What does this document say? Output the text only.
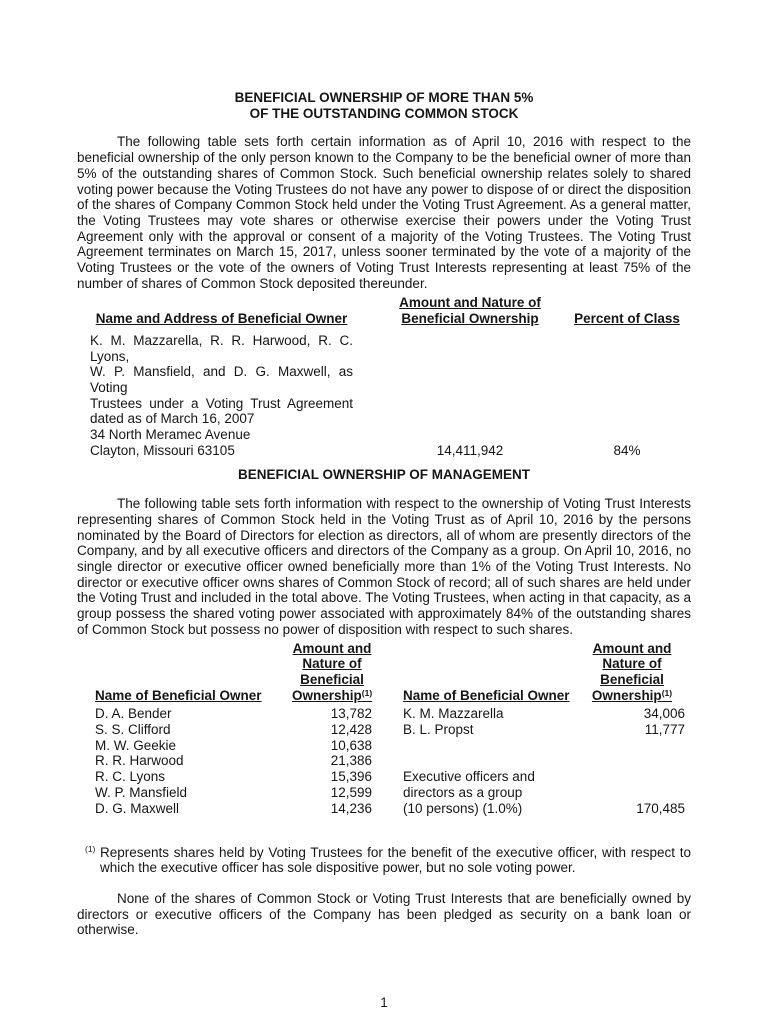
BENEFICIAL OWNERSHIP OF MORE THAN 5%
OF THE OUTSTANDING COMMON STOCK

The following table sets forth certain information as of April 10, 2016 with respect to the beneficial ownership of the only person known to the Company to be the beneficial owner of more than 5% of the outstanding shares of Common Stock. Such beneficial ownership relates solely to shared voting power because the Voting Trustees do not have any power to dispose of or direct the disposition of the shares of Company Common Stock held under the Voting Trust Agreement. As a general matter, the Voting Trustees may vote shares or otherwise exercise their powers under the Voting Trust Agreement only with the approval or consent of a majority of the Voting Trustees. The Voting Trust Agreement terminates on March 15, 2017, unless sooner terminated by the vote of a majority of the Voting Trustees or the vote of the owners of Voting Trust Interests representing at least 75% of the number of shares of Common Stock deposited thereunder.

Name and Address of Beneficial Owner
Amount and Nature of
Beneficial Ownership	Percent of Class
K. M. Mazzarella, R. R. Harwood, R. C. Lyons,
W. P. Mansfield, and D. G. Maxwell, as Voting
Trustees under a Voting Trust Agreement
dated as of March 16, 2007
34 North Meramec Avenue
Clayton, Missouri 63105	14,411,942	84%
BENEFICIAL OWNERSHIP OF MANAGEMENT

The following table sets forth information with respect to the ownership of Voting Trust Interests representing shares of Common Stock held in the Voting Trust as of April 10, 2016 by the persons nominated by the Board of Directors for election as directors, all of whom are presently directors of the Company, and by all executive officers and directors of the Company as a group. On April 10, 2016, no single director or executive officer owned beneficially more than 1% of the Voting Trust Interests. No director or executive officer owns shares of Common Stock of record; all of such shares are held under the Voting Trust and included in the total above. The Voting Trustees, when acting in that capacity, as a group possess the shared voting power associated with approximately 84% of the outstanding shares of Common Stock but possess no power of disposition with respect to such shares.

Name of Beneficial Owner
Amount and
Nature of
Beneficial
Ownership$^{(1)}$
D. A. Bender	13,782
S. S. Clifford	12,428
M. W. Geekie	10,638
R. R. Harwood	21,386
R. C. Lyons	15,396
W. P. Mansfield	12,599
D. G. Maxwell	14,236
Name of Beneficial Owner
Amount and
Nature of
Beneficial
Ownership$^{(1)}$
K. M. Mazzarella	34,006
B. L. Propst	11,777
Executive officers and
directors as a group
(10 persons) (1.0%)	170,485
(1) Represents shares held by Voting Trustees for the benefit of the executive officer, with respect to which the executive officer has sole dispositive power, but no sole voting power.

None of the shares of Common Stock or Voting Trust Interests that are beneficially owned by directors or executive officers of the Company has been pledged as security on a bank loan or otherwise.

1
